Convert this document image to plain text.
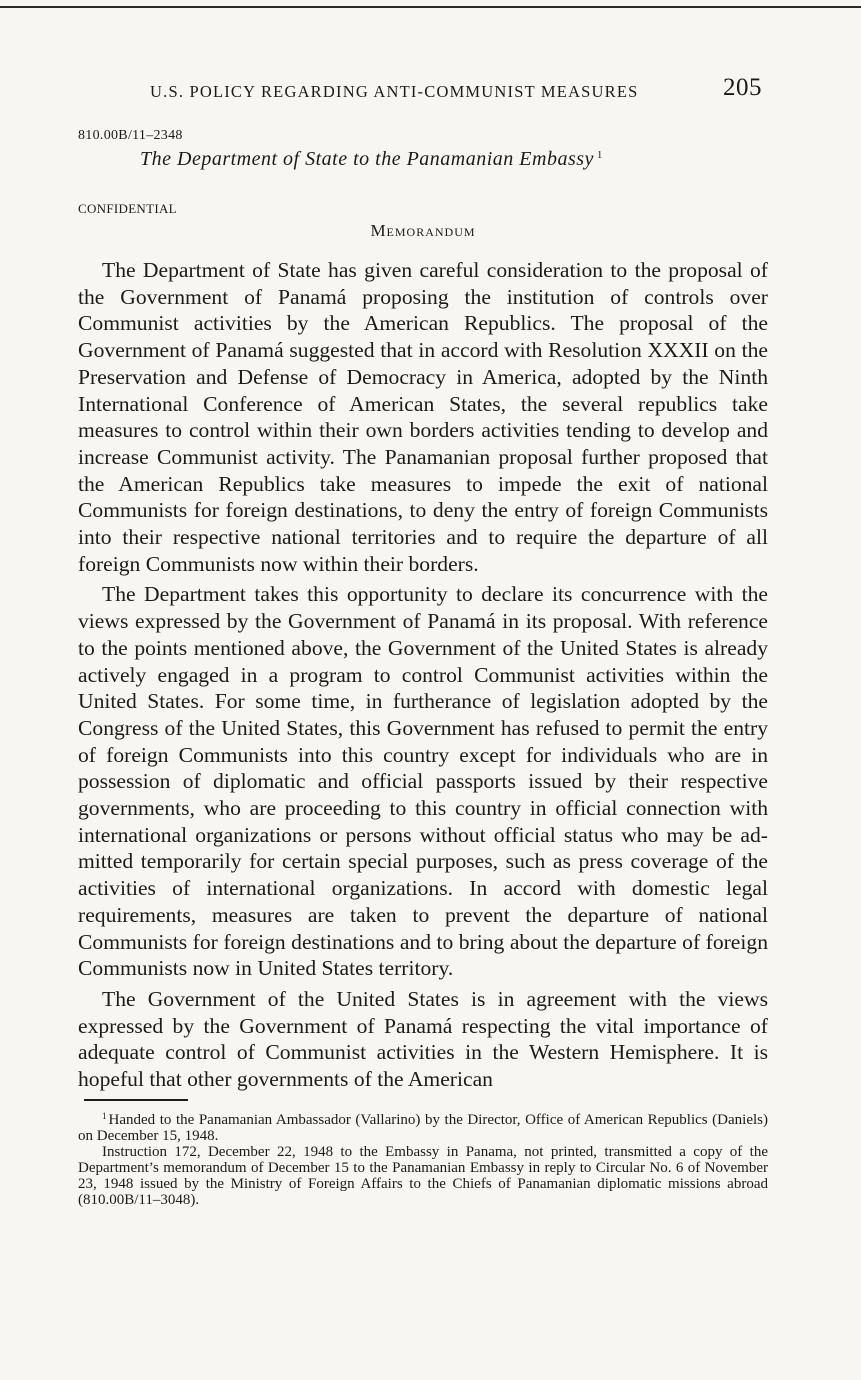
U.S. POLICY REGARDING ANTI-COMMUNIST MEASURES	205
810.00B/11–2348
The Department of State to the Panamanian Embassy $^1$
CONFIDENTIAL
Memorandum

The Department of State has given careful consideration to the proposal of the Government of Panamá proposing the institution of controls over Communist activities by the American Republics. The proposal of the Government of Panamá suggested that in accord with Resolution XXXII on the Preservation and Defense of Democracy in America, adopted by the Ninth International Conference of American States, the several republics take measures to control within their own borders activities tending to develop and increase Communist activity. The Panamanian proposal further proposed that the American Republics take measures to impede the exit of national Communists for foreign destinations, to deny the entry of foreign Communists into their respective national territories and to require the departure of all foreign Communists now within their borders.

The Department takes this opportunity to declare its concurrence with the views expressed by the Government of Panamá in its proposal. With reference to the points mentioned above, the Government of the United States is already actively engaged in a program to control Communist activities within the United States. For some time, in furtherance of legislation adopted by the Congress of the United States, this Government has refused to permit the entry of foreign Communists into this country except for individuals who are in possession of diplomatic and official passports issued by their respective governments, who are proceeding to this country in official connection with international organizations or persons without official status who may be admitted temporarily for certain special purposes, such as press coverage of the activities of international organizations. In accord with domestic legal requirements, measures are taken to prevent the departure of national Communists for foreign destinations and to bring about the departure of foreign Communists now in United States territory.

The Government of the United States is in agreement with the views expressed by the Government of Panamá respecting the vital importance of adequate control of Communist activities in the Western Hemisphere. It is hopeful that other governments of the American

$^1$ Handed to the Panamanian Ambassador (Vallarino) by the Director, Office of American Republics (Daniels) on December 15, 1948.

Instruction 172, December 22, 1948 to the Embassy in Panama, not printed, transmitted a copy of the Department’s memorandum of December 15 to the Panamanian Embassy in reply to Circular No. 6 of November 23, 1948 issued by the Ministry of Foreign Affairs to the Chiefs of Panamanian diplomatic missions abroad (810.00B/11–3048).
